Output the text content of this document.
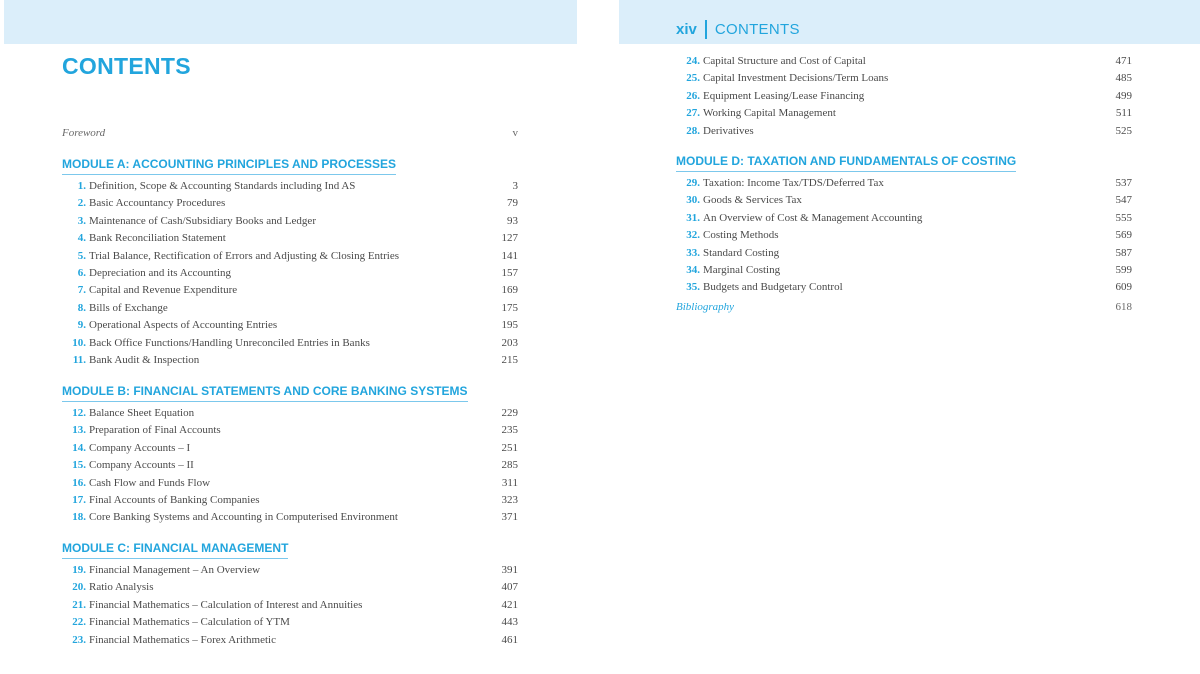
xiv CONTENTS
CONTENTS
Foreword	v
MODULE A: ACCOUNTING PRINCIPLES AND PROCESSES
1. Definition, Scope & Accounting Standards including Ind AS	3
2. Basic Accountancy Procedures	79
3. Maintenance of Cash/Subsidiary Books and Ledger	93
4. Bank Reconciliation Statement	127
5. Trial Balance, Rectification of Errors and Adjusting & Closing Entries	141
6. Depreciation and its Accounting	157
7. Capital and Revenue Expenditure	169
8. Bills of Exchange	175
9. Operational Aspects of Accounting Entries	195
10. Back Office Functions/Handling Unreconciled Entries in Banks	203
11. Bank Audit & Inspection	215
MODULE B: FINANCIAL STATEMENTS AND CORE BANKING SYSTEMS
12. Balance Sheet Equation	229
13. Preparation of Final Accounts	235
14. Company Accounts – I	251
15. Company Accounts – II	285
16. Cash Flow and Funds Flow	311
17. Final Accounts of Banking Companies	323
18. Core Banking Systems and Accounting in Computerised Environment	371
MODULE C: FINANCIAL MANAGEMENT
19. Financial Management – An Overview	391
20. Ratio Analysis	407
21. Financial Mathematics – Calculation of Interest and Annuities	421
22. Financial Mathematics – Calculation of YTM	443
23. Financial Mathematics – Forex Arithmetic	461
24. Capital Structure and Cost of Capital	471
25. Capital Investment Decisions/Term Loans	485
26. Equipment Leasing/Lease Financing	499
27. Working Capital Management	511
28. Derivatives	525
MODULE D: TAXATION AND FUNDAMENTALS OF COSTING
29. Taxation: Income Tax/TDS/Deferred Tax	537
30. Goods & Services Tax	547
31. An Overview of Cost & Management Accounting	555
32. Costing Methods	569
33. Standard Costing	587
34. Marginal Costing	599
35. Budgets and Budgetary Control	609
Bibliography	618
